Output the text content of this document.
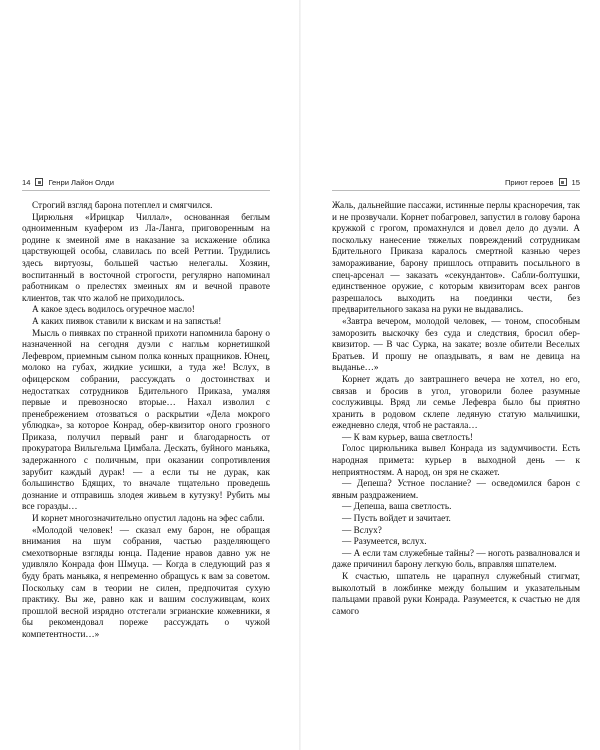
14 Генри Лайон Олди

Строгий взгляд барона потеплел и смягчился.

Цирюльня «Ирицкар Чиллал», основанная беглым одноименным куафером из Ла-Ланга, приговоренным на родине к змеиной яме в наказание за искажение облика царствующей особы, славилась по всей Реттии. Трудились здесь виртуозы, большей частью нелегалы. Хозяин, воспитанный в восточной строгости, регулярно напоминал работникам о прелестях змеиных ям и вечной правоте клиентов, так что жалоб не приходилось.

А какое здесь водилось огуречное масло!

А каких пиявок ставили к вискам и на запястья!

Мысль о пиявках по странной прихоти напомнила барону о назначенной на сегодня дуэли с нагльм корнетишкой Лефевром, приемным сыном полка конных пращников. Юнец, молоко на губах, жидкие усишки, а туда же! Вслух, в офицерском собрании, рассуждать о достоинствах и недостатках сотрудников Бдительного Приказа, умаляя первые и превозносяо вторые… Нахал изволил с пренебрежением отозваться о раскрытии «Дела мокрого ублюдка», за которое Конрад, обер-квизитор оного грозного Приказа, получил первый ранг и благодарность от прокуратора Вильгельма Цимбала. Дескать, буйного маньяка, задержанного с поличным, при оказании сопротивления зарубит каждый дурак! — а если ты не дурак, как большинство Бдящих, то вначале тщательно проведешь дознание и отправишь злодея живьем в кутузку! Рубить мы все горазды…

И корнет многозначительно опустил ладонь на эфес сабли.

«Молодой человек! — сказал ему барон, не обращая внимания на шум собрания, частью разделяющего смехотворные взгляды юнца. Падение нравов давно уж не удивляло Конрада фон Шмуца. — Когда в следующий раз я буду брать маньяка, я непременно обращусь к вам за советом. Поскольку сам в теории не силен, предпочитая сухую практику. Вы же, равно как и вашим сослуживцам, коих прошлой весной изрядно отстегали эгрианские кожевники, я бы рекомендовал пореже рассуждать о чужой компетентности…»

Приют героев 15

Жаль, дальнейшие пассажи, истинные перлы красноречия, так и не прозвучали. Корнет побагровел, запустил в голову барона кружкой с грогом, промахнулся и довел дело до дуэли. А поскольку нанесение тяжелых повреждений сотрудникам Бдительного Приказа каралось смертной казнью через замораживание, барону пришлось отправить посыльного в спец-арсенал — заказать «секундантов». Сабли-болтушки, единственное оружие, с которым квизиторам всех рангов разрешалось выходить на поединки чести, без предварительного заказа на руки не выдавались.

«Завтра вечером, молодой человек, — тоном, способным заморозить выскочку без суда и следствия, бросил обер-квизитор. — В час Сурка, на закате; возле обители Веселых Братьев. И прошу не опаздывать, я вам не девица на выданье…»

Корнет ждать до завтрашнего вечера не хотел, но его, связав и бросив в угол, уговорили более разумные сослуживцы. Вряд ли семье Лефевра было бы приятно хранить в родовом склепе ледяную статую мальчишки, ежедневно следя, чтоб не растаяла…

— К вам курьер, ваша светлость!

Голос цирюльника вывел Конрада из задумчивости. Есть народная примета: курьер в выходной день — к неприятностям. А народ, он зря не скажет.

— Депеша? Устное послание? — осведомился барон с явным раздражением.

— Депеша, ваша светлость.

— Пусть войдет и зачитает.

— Вслух?

— Разумеется, вслух.

— А если там служебные тайны? — ноготь развалновался и даже причинил барону легкую боль, вправляя шпателем.

К счастью, шпатель не царапнул служебный стигмат, выколотый в ложбинке между большим и указательным пальцами правой руки Конрада. Разумеется, к счастью не для самого
